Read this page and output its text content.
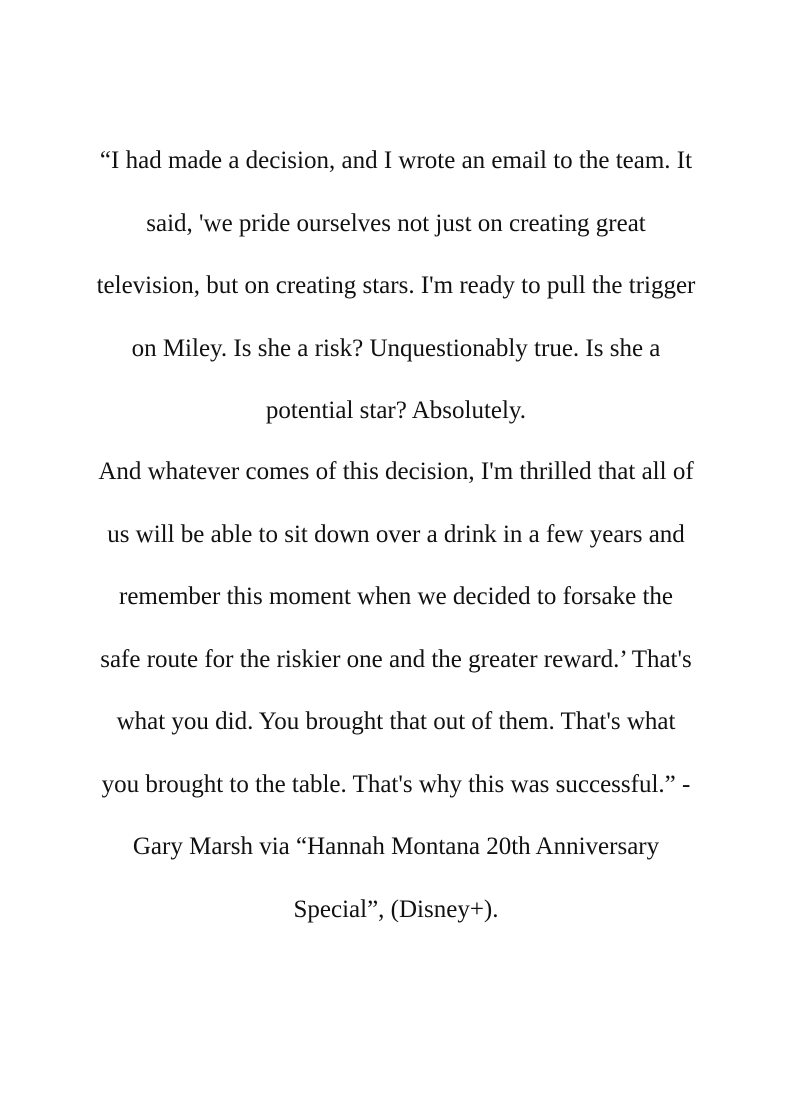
“I had made a decision, and I wrote an email to the team. It
said, 'we pride ourselves not just on creating great
television, but on creating stars. I'm ready to pull the trigger
on Miley. Is she a risk? Unquestionably true. Is she a
potential star? Absolutely.
And whatever comes of this decision, I'm thrilled that all of
us will be able to sit down over a drink in a few years and
remember this moment when we decided to forsake the
safe route for the riskier one and the greater reward.’ That's
what you did. You brought that out of them. That's what
you brought to the table. That's why this was successful.” -
Gary Marsh via “Hannah Montana 20th Anniversary
Special”, (Disney+).
